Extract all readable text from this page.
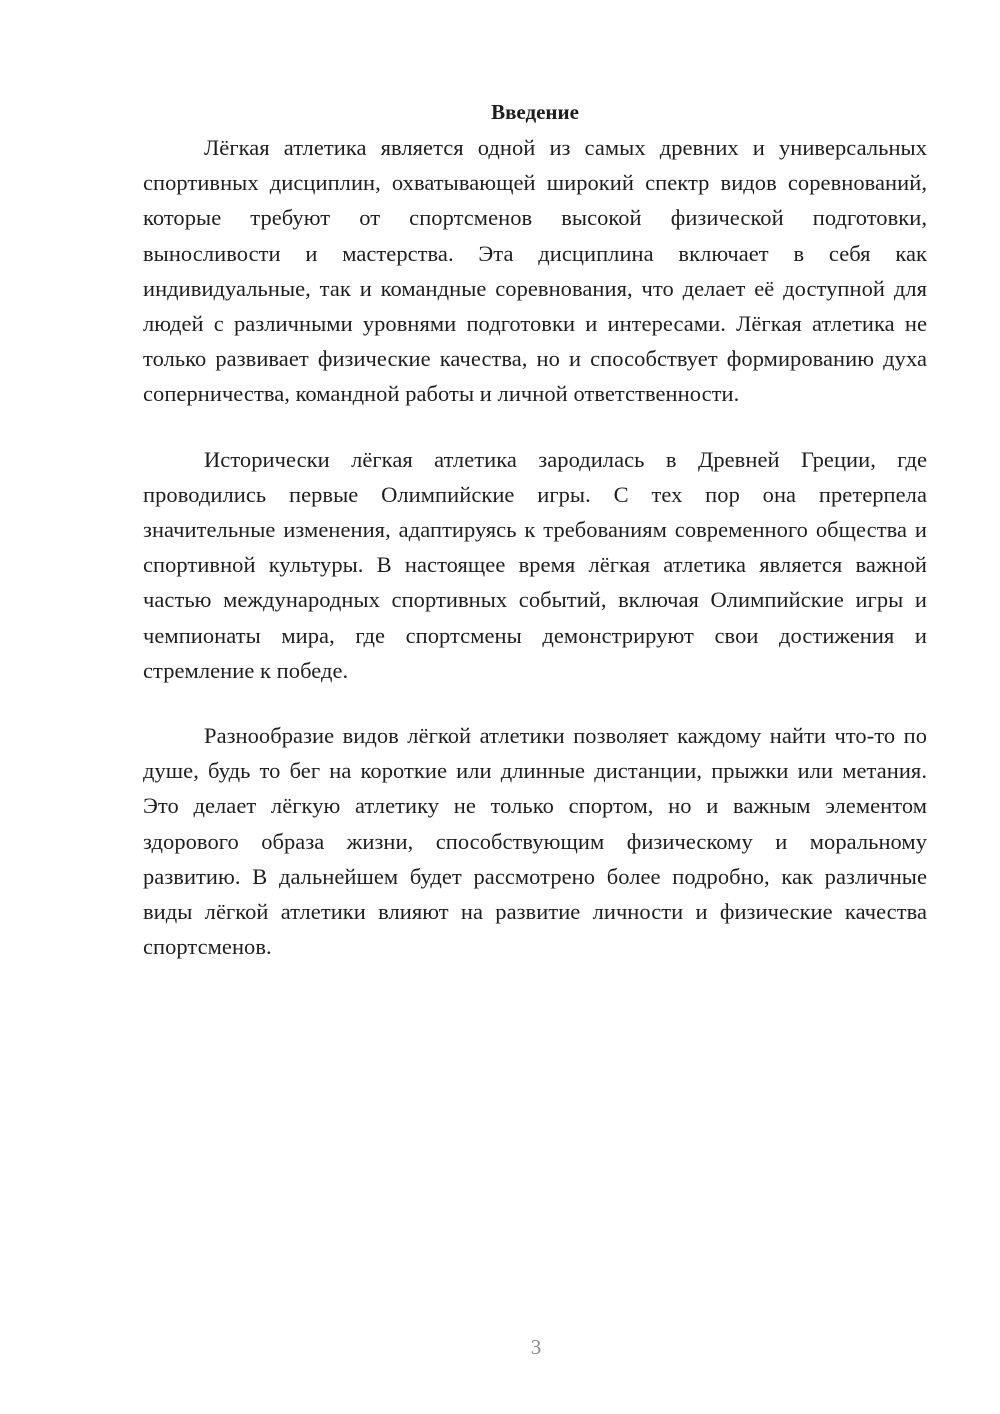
Введение

Лёгкая атлетика является одной из самых древних и универсальных спортивных дисциплин, охватывающей широкий спектр видов соревнований, которые требуют от спортсменов высокой физической подготовки, выносливости и мастерства. Эта дисциплина включает в себя как индивидуальные, так и командные соревнования, что делает её доступной для людей с различными уровнями подготовки и интересами. Лёгкая атлетика не только развивает физические качества, но и способствует формированию духа соперничества, командной работы и личной ответственности.

Исторически лёгкая атлетика зародилась в Древней Греции, где проводились первые Олимпийские игры. С тех пор она претерпела значительные изменения, адаптируясь к требованиям современного общества и спортивной культуры. В настоящее время лёгкая атлетика является важной частью международных спортивных событий, включая Олимпийские игры и чемпионаты мира, где спортсмены демонстрируют свои достижения и стремление к победе.

Разнообразие видов лёгкой атлетики позволяет каждому найти что-то по душе, будь то бег на короткие или длинные дистанции, прыжки или метания. Это делает лёгкую атлетику не только спортом, но и важным элементом здорового образа жизни, способствующим физическому и моральному развитию. В дальнейшем будет рассмотрено более подробно, как различные виды лёгкой атлетики влияют на развитие личности и физические качества спортсменов.

3
